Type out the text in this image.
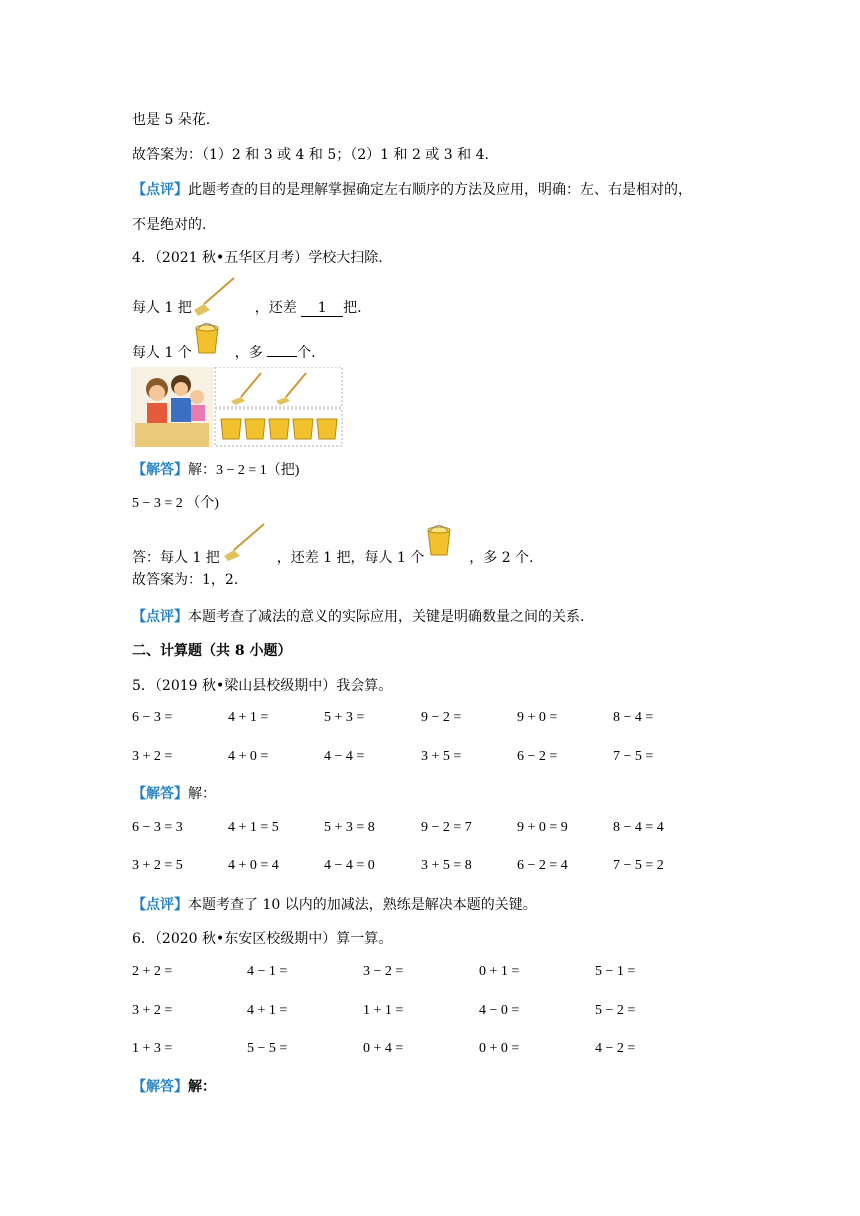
也是 5 朵花.
故答案为：（1）2 和 3 或 4 和 5；（2）1 和 2 或 3 和 4.
【点评】此题考查的目的是理解掌握确定左右顺序的方法及应用，明确：左、右是相对的，
不是绝对的.
4．（2021 秋•五华区月考）学校大扫除.
每人 1 把	，还差 1 把.
每人 1 个	，多 个.
【解答】解：3 − 2 = 1（把)
5 − 3 = 2 （个)
答：每人 1 把	，还差 1 把，每人 1 个	，多 2 个.
故答案为：1，2.
【点评】本题考查了减法的意义的实际应用，关键是明确数量之间的关系.
二、计算题（共 8 小题）
5．（2019 秋•梁山县校级期中）我会算。
6 − 3 =	4 + 1 =	5 + 3 =	9 − 2 =	9 + 0 =	8 − 4 =
3 + 2 =	4 + 0 =	4 − 4 =	3 + 5 =	6 − 2 =	7 − 5 =
【解答】解：
6 − 3 = 3	4 + 1 = 5	5 + 3 = 8	9 − 2 = 7	9 + 0 = 9	8 − 4 = 4
3 + 2 = 5	4 + 0 = 4	4 − 4 = 0	3 + 5 = 8	6 − 2 = 4	7 − 5 = 2
【点评】本题考查了 10 以内的加减法，熟练是解决本题的关键。
6．（2020 秋•东安区校级期中）算一算。
2 + 2 =	4 − 1 =	3 − 2 =	0 + 1 =	5 − 1 =
3 + 2 =	4 + 1 =	1 + 1 =	4 − 0 =	5 − 2 =
1 + 3 =	5 − 5 =	0 + 4 =	0 + 0 =	4 − 2 =
【解答】解：
